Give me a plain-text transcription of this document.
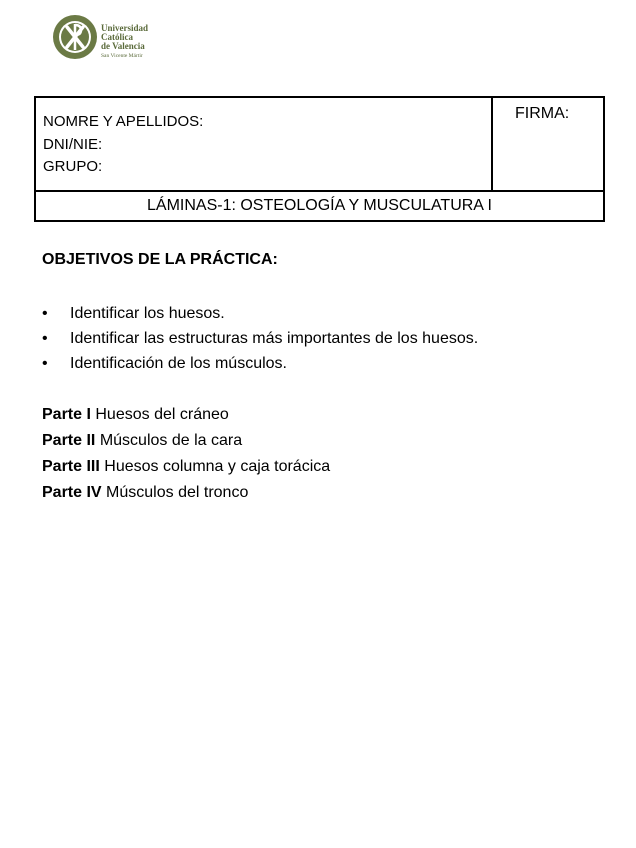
Universidad
Católica
de Valencia
San Vicente Mártir
NOMRE Y APELLIDOS:
DNI/NIE:
GRUPO:
FIRMA:
LÁMINAS-1: OSTEOLOGÍA Y MUSCULATURA I
OBJETIVOS DE LA PRÁCTICA:
• Identificar los huesos.
• Identificar las estructuras más importantes de los huesos.
• Identificación de los músculos.
Parte I Huesos del cráneo
Parte II Músculos de la cara
Parte III Huesos columna y caja torácica
Parte IV Músculos del tronco
